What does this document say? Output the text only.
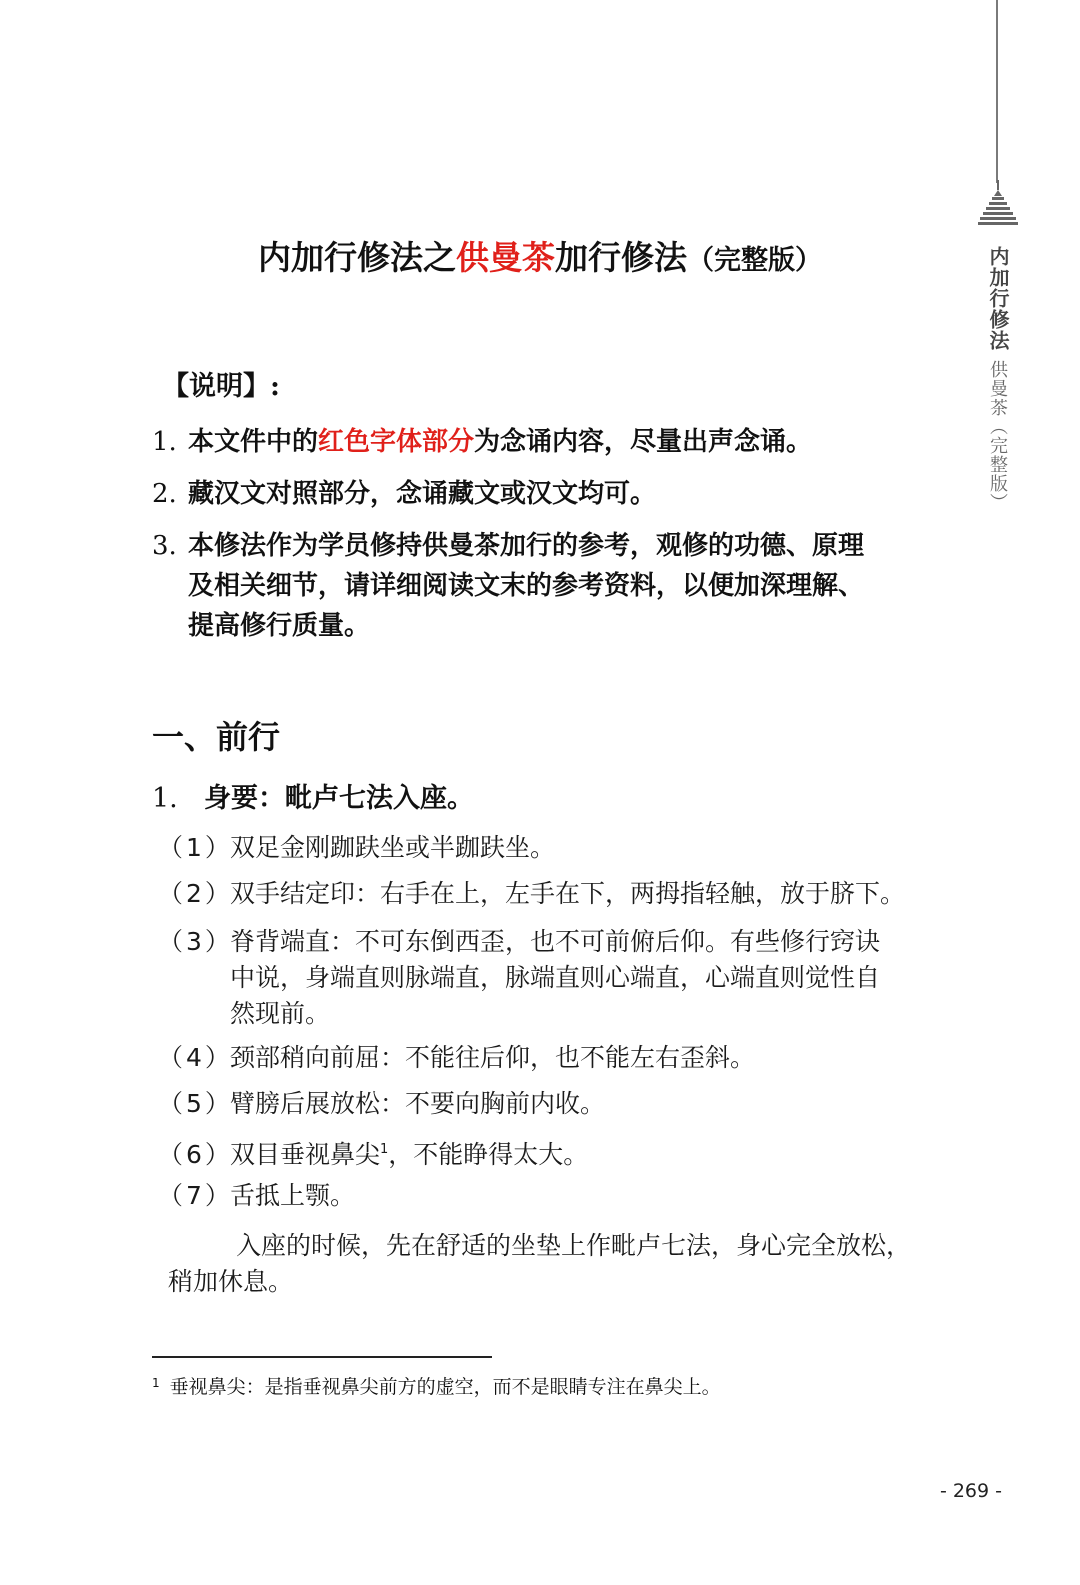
内加行修法
供曼茶（完整版）
内加行修法之供曼茶加行修法（完整版）
【说明】:
1. 本文件中的红色字体部分为念诵内容，尽量出声念诵。
2. 藏汉文对照部分，念诵藏文或汉文均可。
3. 本修法作为学员修持供曼茶加行的参考，观修的功德、原理
及相关细节，请详细阅读文末的参考资料，以便加深理解、
提高修行质量。
一、前行
1. 身要：毗卢七法入座。
（1）双足金刚跏趺坐或半跏趺坐。
（2）双手结定印：右手在上，左手在下，两拇指轻触，放于脐下。
（3）脊背端直：不可东倒西歪，也不可前俯后仰。有些修行窍诀
中说，身端直则脉端直，脉端直则心端直，心端直则觉性自
然现前。
（4）颈部稍向前屈：不能往后仰，也不能左右歪斜。
（5）臂膀后展放松：不要向胸前内收。
（6）双目垂视鼻尖$^1$，不能睁得太大。
（7）舌抵上颚。
入座的时候，先在舒适的坐垫上作毗卢七法，身心完全放松，
稍加休息。
$^1$ 垂视鼻尖：是指垂视鼻尖前方的虚空，而不是眼睛专注在鼻尖上。
- 269 -
